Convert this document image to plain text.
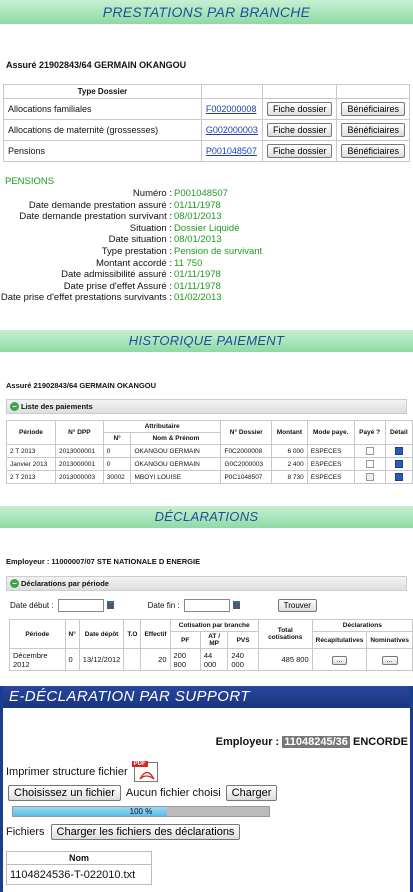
PRESTATIONS PAR BRANCHE
Assuré 21902843/64 GERMAIN OKANGOU
Type Dossier			
Allocations familiales	F002000008	Fiche dossier	Bénéficiaires
Allocations de maternité (grossesses)	G002000003	Fiche dossier	Bénéficiaires
Pensions	P001048507	Fiche dossier	Bénéficiaires
PENSIONS
Numéro : P001048507
Date demande prestation assuré : 01/11/1978
Date demande prestation survivant : 08/01/2013
Situation : Dossier Liquidé
Date situation : 08/01/2013
Type prestation : Pension de survivant
Montant accordé : 11 750
Date admissibilité assuré : 01/11/1978
Date prise d'effet Assuré : 01/11/1978
Date prise d'effet prestations survivants : 01/02/2013
HISTORIQUE PAIEMENT
Assuré 21902843/64 GERMAIN OKANGOU
− Liste des paiements
Période	N° DPP	Attributaire		N° Dossier	Montant	Mode paye.	Payé ?	Détail
		N°	Nom & Prénom					
2 T 2013	2013000001	0	OKANGOU GERMAIN	F0C2000008	6 000	ESPECES		
Janvier 2013	2013000001	0	OKANGOU GERMAIN	G0C2000003	2 400	ESPECES		
2 T 2013	2013000003	30002	MBOYI LOUISE	P0C1048507	8 730	ESPECES		
DÉCLARATIONS
Employeur : 11000007/07 STE NATIONALE D ENERGIE
− Déclarations par période
Date début :	Date fin :	Trouver
Période	N°	Date dépôt	T.O	Effectif	Cotisation par branche			Total cotisations	Déclarations	
					PF	AT / MP	PVS		Récapitulatives	Nominatives
Décembre 2012	0	13/12/2012		20	200 800	44 000	240 000	485 800	...	...
E-DÉCLARATION PAR SUPPORT
Employeur : 11048245/36 ENCORDE
Imprimer structure fichier
PDF
Choisissez un fichier	Aucun fichier choisi	Charger
100 %
Fichiers	Charger les fichiers des déclarations
Nom
1104824536-T-022010.txt
